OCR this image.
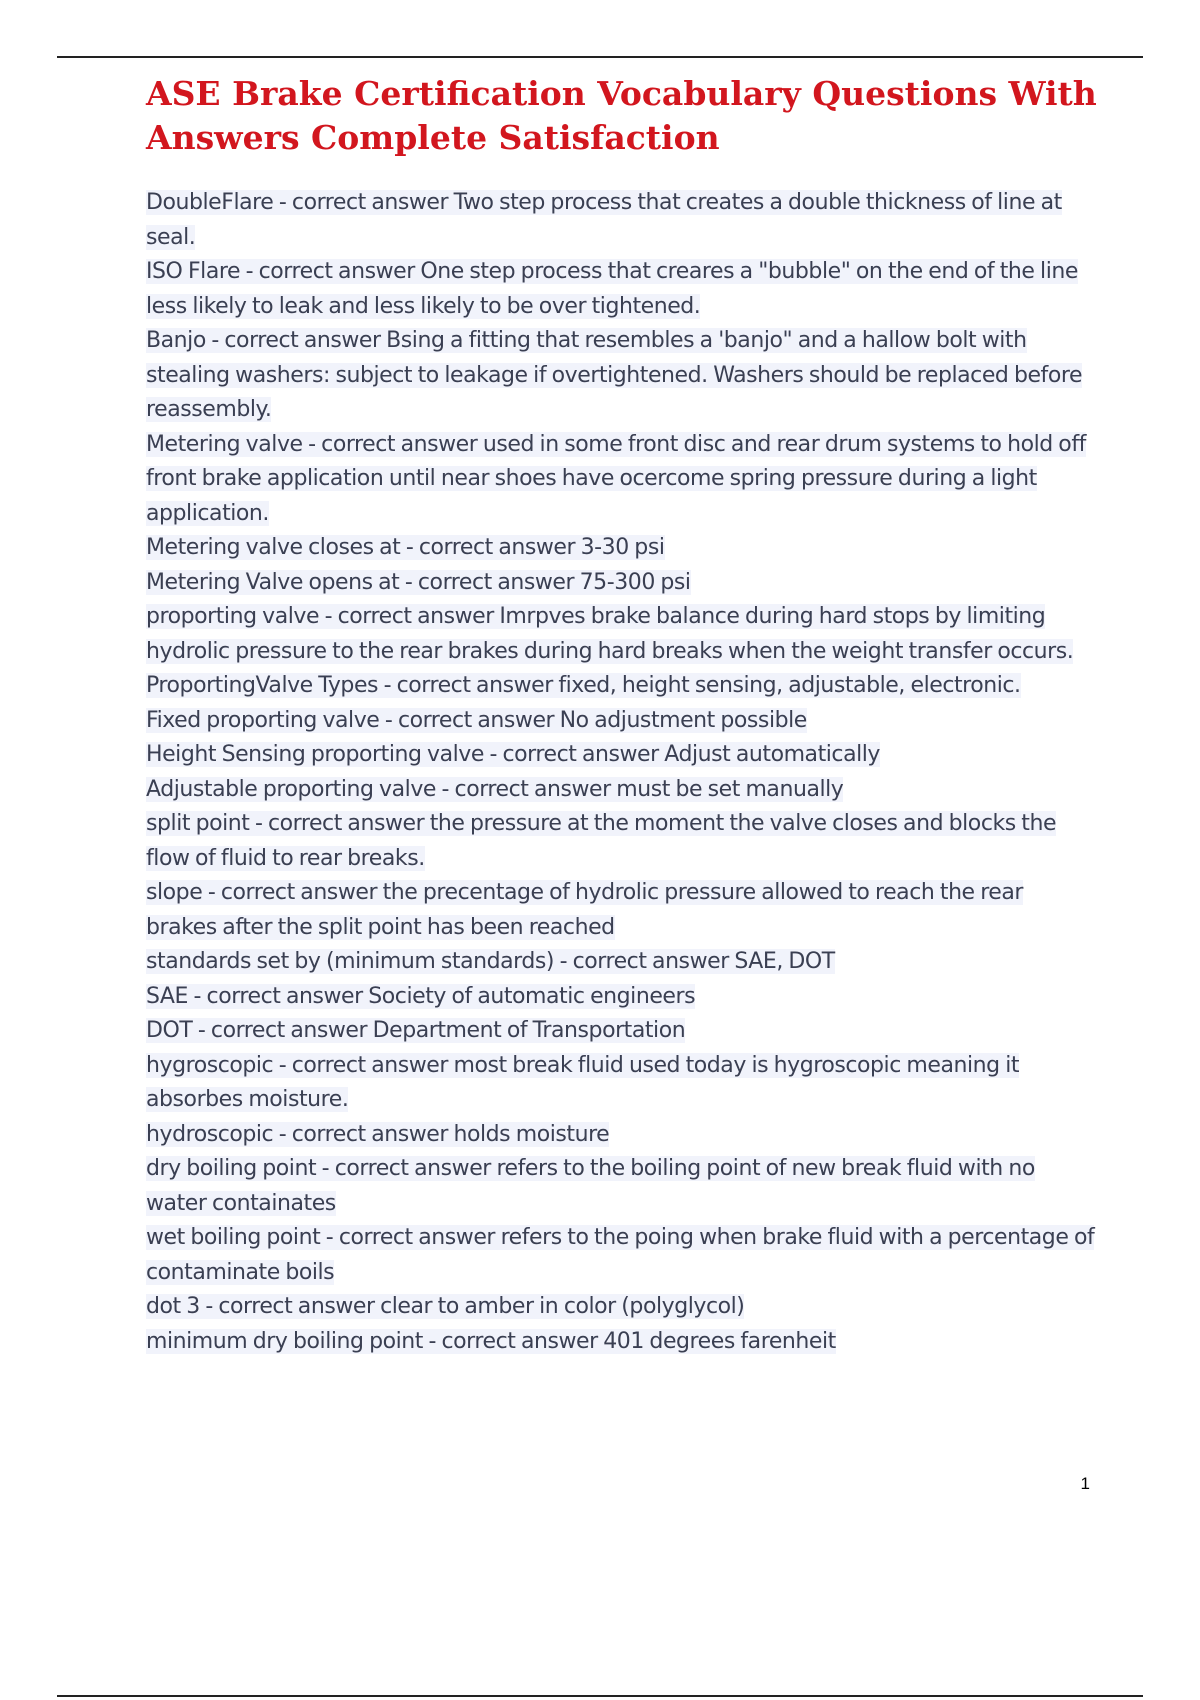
ASE Brake Certification Vocabulary Questions With Answers Complete Satisfaction
DoubleFlare - correct answer Two step process that creates a double thickness of line at seal.
ISO Flare - correct answer One step process that creares a "bubble" on the end of the line less likely to leak and less likely to be over tightened.
Banjo - correct answer Bsing a fitting that resembles a 'banjo" and a hallow bolt with stealing washers: subject to leakage if overtightened. Washers should be replaced before reassembly.
Metering valve - correct answer used in some front disc and rear drum systems to hold off front brake application until near shoes have ocercome spring pressure during a light application.
Metering valve closes at - correct answer 3-30 psi
Metering Valve opens at - correct answer 75-300 psi
proporting valve - correct answer Imrpves brake balance during hard stops by limiting hydrolic pressure to the rear brakes during hard breaks when the weight transfer occurs.
ProportingValve Types - correct answer fixed, height sensing, adjustable, electronic.
Fixed proporting valve - correct answer No adjustment possible
Height Sensing proporting valve - correct answer Adjust automatically
Adjustable proporting valve - correct answer must be set manually
split point - correct answer the pressure at the moment the valve closes and blocks the flow of fluid to rear breaks.
slope - correct answer the precentage of hydrolic pressure allowed to reach the rear brakes after the split point has been reached
standards set by (minimum standards) - correct answer SAE, DOT
SAE - correct answer Society of automatic engineers
DOT - correct answer Department of Transportation
hygroscopic - correct answer most break fluid used today is hygroscopic meaning it absorbes moisture.
hydroscopic - correct answer holds moisture
dry boiling point - correct answer refers to the boiling point of new break fluid with no water containates
wet boiling point - correct answer refers to the poing when brake fluid with a percentage of contaminate boils
dot 3 - correct answer clear to amber in color (polyglycol)
minimum dry boiling point - correct answer 401 degrees farenheit
1
